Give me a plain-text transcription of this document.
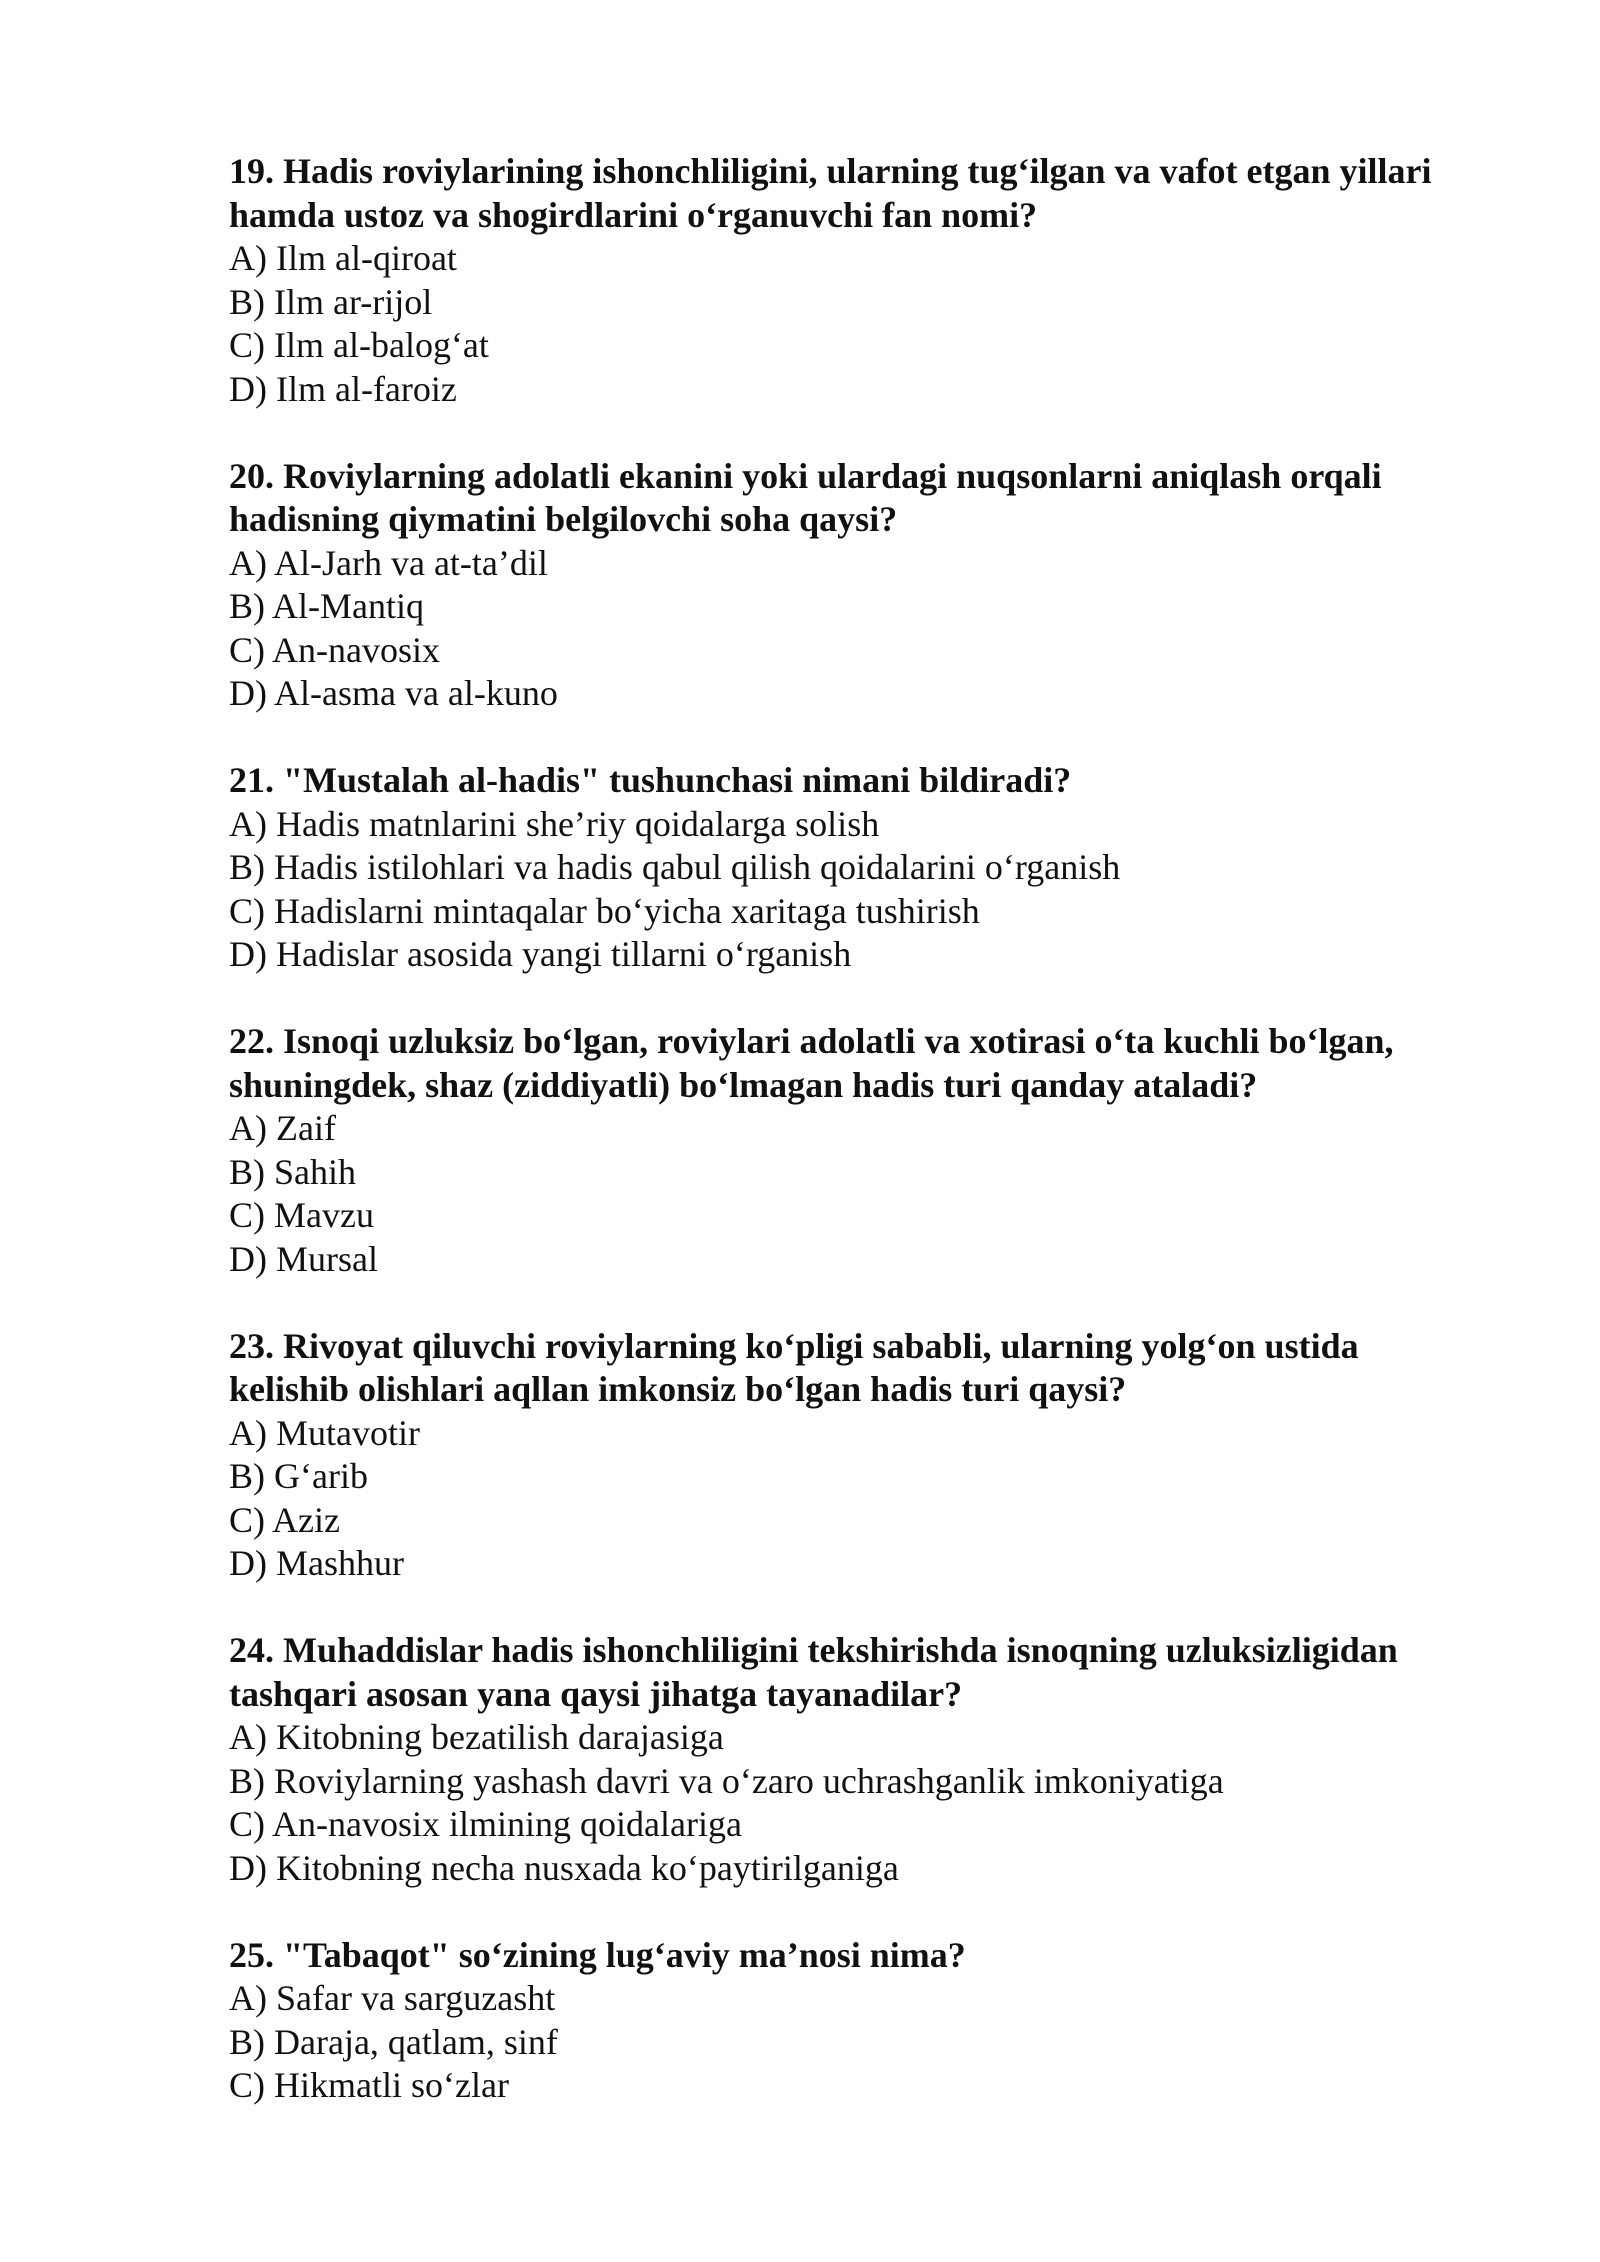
19. Hadis roviylarining ishonchliligini, ularning tug‘ilgan va vafot etgan yillari hamda ustoz va shogirdlarini o‘rganuvchi fan nomi?

A) Ilm al-qiroat

B) Ilm ar-rijol

C) Ilm al-balog‘at

D) Ilm al-faroiz

20. Roviylarning adolatli ekanini yoki ulardagi nuqsonlarni aniqlash orqali hadisning qiymatini belgilovchi soha qaysi?

A) Al-Jarh va at-ta’dil

B) Al-Mantiq

C) An-navosix

D) Al-asma va al-kuno

21. "Mustalah al-hadis" tushunchasi nimani bildiradi?

A) Hadis matnlarini she’riy qoidalarga solish

B) Hadis istilohlari va hadis qabul qilish qoidalarini o‘rganish

C) Hadislarni mintaqalar bo‘yicha xaritaga tushirish

D) Hadislar asosida yangi tillarni o‘rganish

22. Isnoqi uzluksiz bo‘lgan, roviylari adolatli va xotirasi o‘ta kuchli bo‘lgan, shuningdek, shaz (ziddiyatli) bo‘lmagan hadis turi qanday ataladi?

A) Zaif

B) Sahih

C) Mavzu

D) Mursal

23. Rivoyat qiluvchi roviylarning ko‘pligi sababli, ularning yolg‘on ustida kelishib olishlari aqllan imkonsiz bo‘lgan hadis turi qaysi?

A) Mutavotir

B) G‘arib

C) Aziz

D) Mashhur

24. Muhaddislar hadis ishonchliligini tekshirishda isnoqning uzluksizligidan tashqari asosan yana qaysi jihatga tayanadilar?

A) Kitobning bezatilish darajasiga

B) Roviylarning yashash davri va o‘zaro uchrashganlik imkoniyatiga

C) An-navosix ilmining qoidalariga

D) Kitobning necha nusxada ko‘paytirilganiga

25. "Tabaqot" so‘zining lug‘aviy ma’nosi nima?

A) Safar va sarguzasht

B) Daraja, qatlam, sinf

C) Hikmatli so‘zlar
